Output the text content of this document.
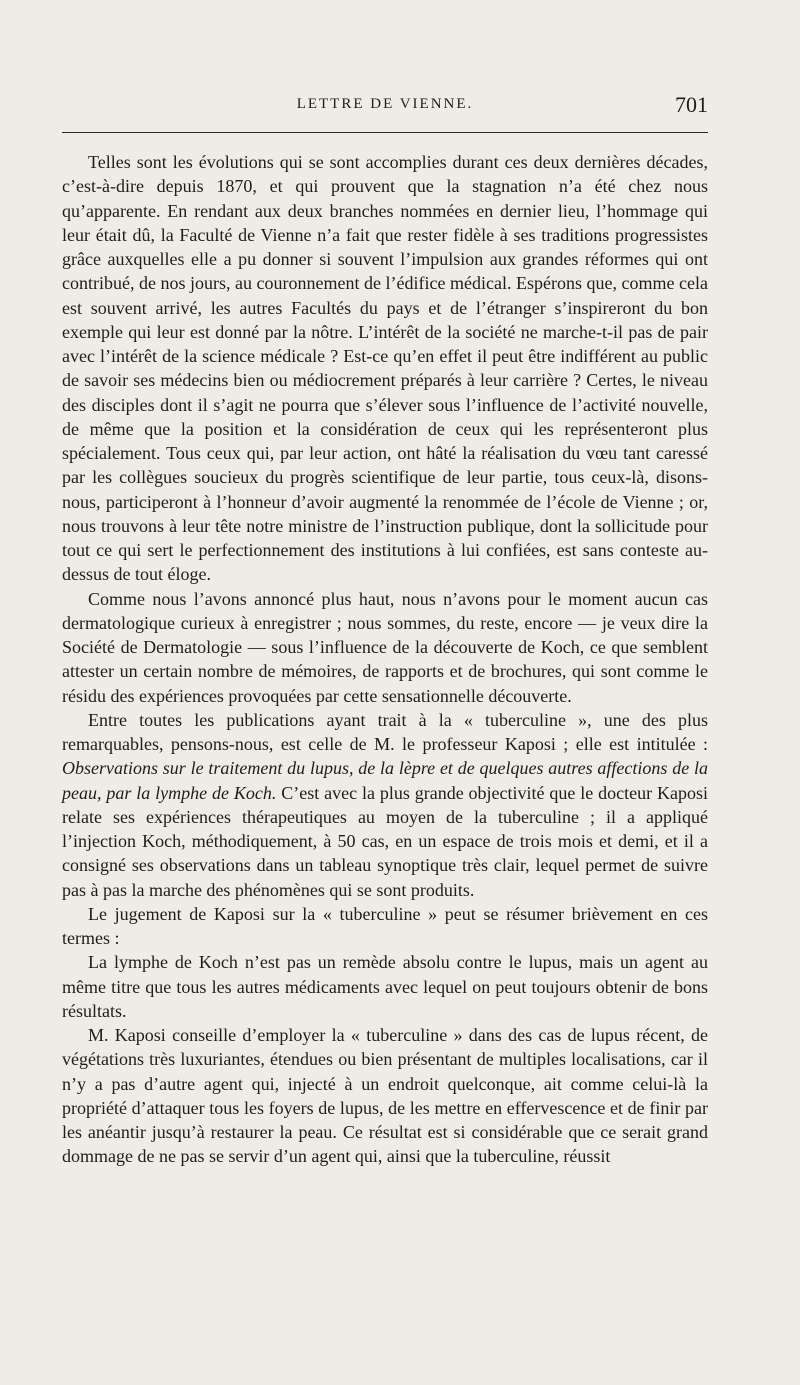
LETTRE DE VIENNE.	701

Telles sont les évolutions qui se sont accomplies durant ces deux dernières décades, c’est-à-dire depuis 1870, et qui prouvent que la stagnation n’a été chez nous qu’apparente. En rendant aux deux branches nommées en dernier lieu, l’hommage qui leur était dû, la Faculté de Vienne n’a fait que rester fidèle à ses traditions progressistes grâce auxquelles elle a pu donner si souvent l’impulsion aux grandes réformes qui ont contribué, de nos jours, au couronnement de l’édifice médical. Espérons que, comme cela est souvent arrivé, les autres Facultés du pays et de l’étranger s’inspireront du bon exemple qui leur est donné par la nôtre. L’intérêt de la société ne marche-t-il pas de pair avec l’intérêt de la science médicale ? Est-ce qu’en effet il peut être indifférent au public de savoir ses médecins bien ou médiocrement préparés à leur carrière ? Certes, le niveau des disciples dont il s’agit ne pourra que s’élever sous l’influence de l’activité nouvelle, de même que la position et la considération de ceux qui les représenteront plus spécialement. Tous ceux qui, par leur action, ont hâté la réalisation du vœu tant caressé par les collègues soucieux du progrès scientifique de leur partie, tous ceux-là, disons-nous, participeront à l’honneur d’avoir augmenté la renommée de l’école de Vienne ; or, nous trouvons à leur tête notre ministre de l’instruction publique, dont la sollicitude pour tout ce qui sert le perfectionnement des institutions à lui confiées, est sans conteste au-dessus de tout éloge.

Comme nous l’avons annoncé plus haut, nous n’avons pour le moment aucun cas dermatologique curieux à enregistrer ; nous sommes, du reste, encore — je veux dire la Société de Dermatologie — sous l’influence de la découverte de Koch, ce que semblent attester un certain nombre de mémoires, de rapports et de brochures, qui sont comme le résidu des expériences provoquées par cette sensationnelle découverte.

Entre toutes les publications ayant trait à la « tuberculine », une des plus remarquables, pensons-nous, est celle de M. le professeur Kaposi ; elle est intitulée : Observations sur le traitement du lupus, de la lèpre et de quelques autres affections de la peau, par la lymphe de Koch. C’est avec la plus grande objectivité que le docteur Kaposi relate ses expériences thérapeutiques au moyen de la tuberculine ; il a appliqué l’injection Koch, méthodiquement, à 50 cas, en un espace de trois mois et demi, et il a consigné ses observations dans un tableau synoptique très clair, lequel permet de suivre pas à pas la marche des phénomènes qui se sont produits.

Le jugement de Kaposi sur la « tuberculine » peut se résumer brièvement en ces termes :

La lymphe de Koch n’est pas un remède absolu contre le lupus, mais un agent au même titre que tous les autres médicaments avec lequel on peut toujours obtenir de bons résultats.

M. Kaposi conseille d’employer la « tuberculine » dans des cas de lupus récent, de végétations très luxuriantes, étendues ou bien présentant de multiples localisations, car il n’y a pas d’autre agent qui, injecté à un endroit quelconque, ait comme celui-là la propriété d’attaquer tous les foyers de lupus, de les mettre en effervescence et de finir par les anéantir jusqu’à restaurer la peau. Ce résultat est si considérable que ce serait grand dommage de ne pas se servir d’un agent qui, ainsi que la tuberculine, réussit
